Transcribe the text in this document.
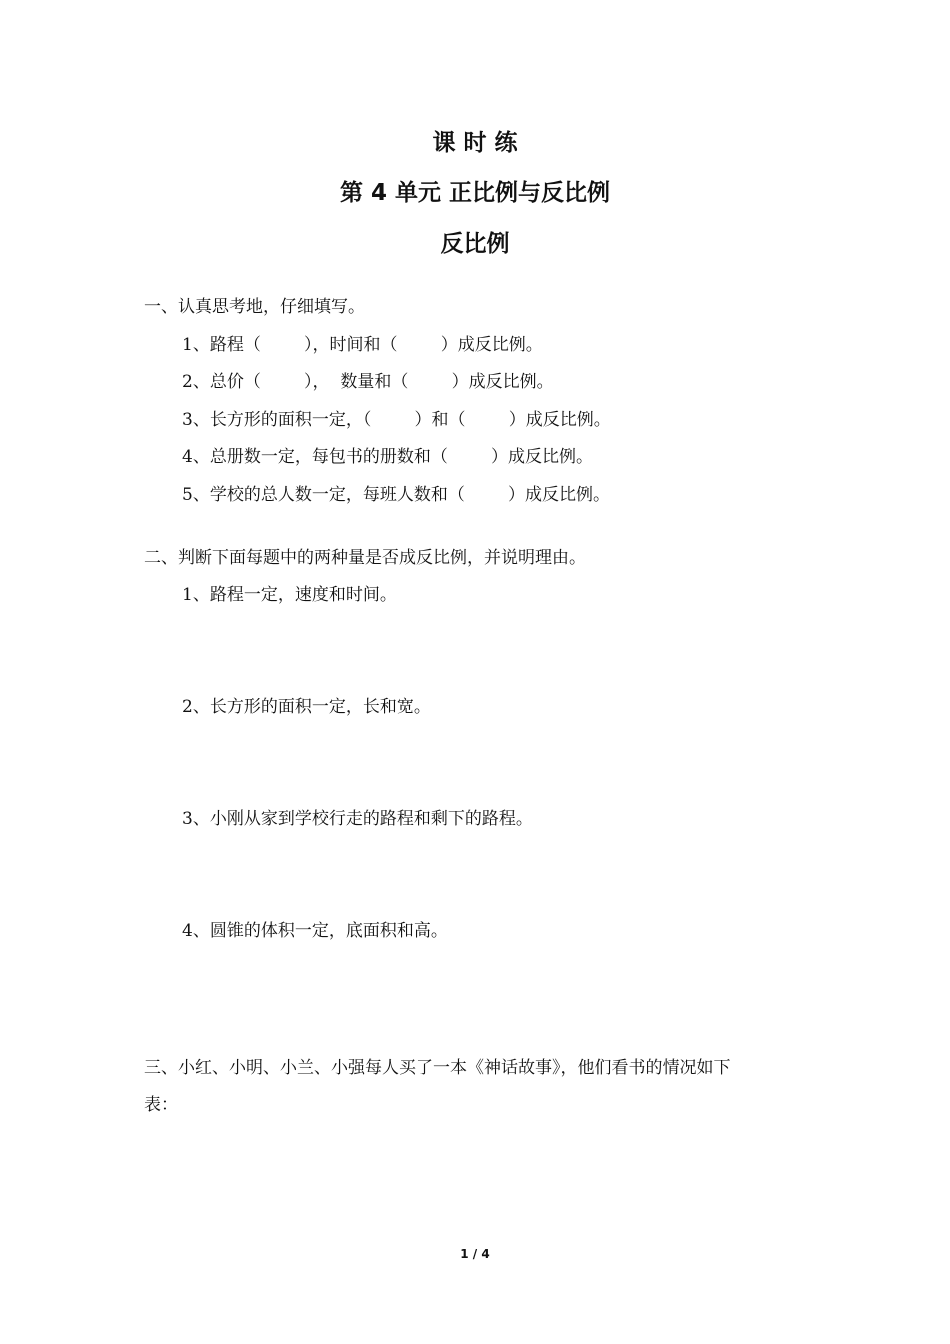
课 时 练
第 4 单元 正比例与反比例
反比例
一、认真思考地，仔细填写。
1、路程（        ），时间和（        ）成反比例。
2、总价（        ），  数量和（        ）成反比例。
3、长方形的面积一定，（        ）和（        ）成反比例。
4、总册数一定，每包书的册数和（        ）成反比例。
5、学校的总人数一定，每班人数和（        ）成反比例。
二、判断下面每题中的两种量是否成反比例，并说明理由。
1、路程一定，速度和时间。
2、长方形的面积一定，长和宽。
3、小刚从家到学校行走的路程和剩下的路程。
4、圆锥的体积一定，底面积和高。
三、小红、小明、小兰、小强每人买了一本《神话故事》，他们看书的情况如下
表：
1 / 4
